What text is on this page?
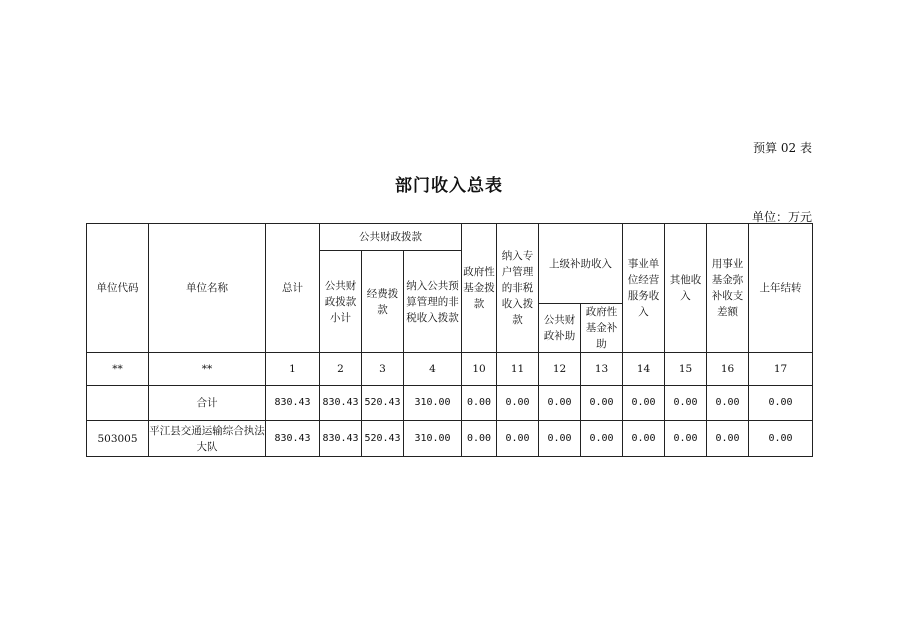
预算 02 表
部门收入总表
单位：万元
单位代码	单位名称	总计	公共财政拨款			政府性基金拨款	纳入专户管理的非税收入拨款	上级补助收入		事业单位经营服务收入	其他收入	用事业基金弥补收支差额	上年结转
			公共财政拨款小计	经费拨款	纳入公共预算管理的非税收入拨款								
								公共财政补助	政府性基金补助				
**	**	1	2	3	4	10	11	12	13	14	15	16	17
	合计	830.43	830.43	520.43	310.00	0.00	0.00	0.00	0.00	0.00	0.00	0.00	0.00
503005	平江县交通运输综合执法大队	830.43	830.43	520.43	310.00	0.00	0.00	0.00	0.00	0.00	0.00	0.00	0.00
